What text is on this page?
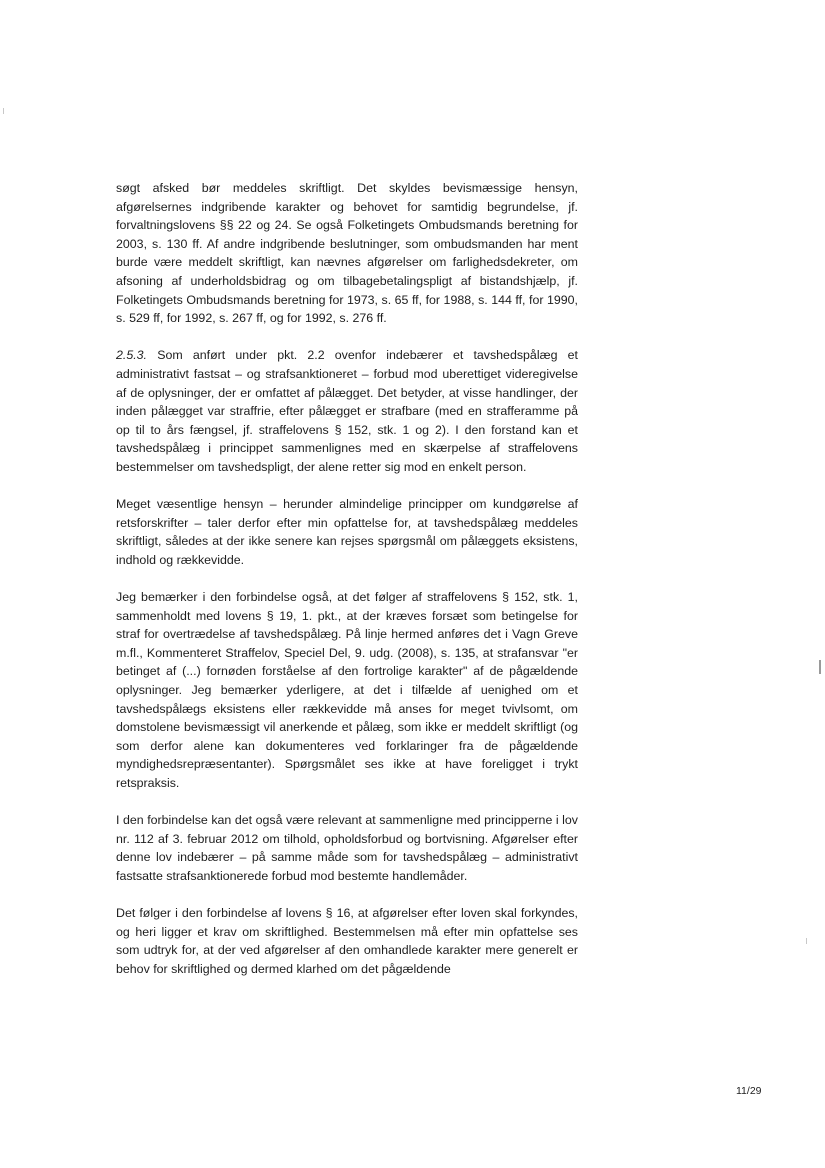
søgt afsked bør meddeles skriftligt. Det skyldes bevismæssige hensyn, afgørelsernes indgribende karakter og behovet for samtidig begrundelse, jf. forvaltningslovens §§ 22 og 24. Se også Folketingets Ombudsmands beretning for 2003, s. 130 ff. Af andre indgribende beslutninger, som ombudsmanden har ment burde være meddelt skriftligt, kan nævnes afgørelser om farlighedsdekreter, om afsoning af underholdsbidrag og om tilbagebetalingspligt af bistandshjælp, jf. Folketingets Ombudsmands beretning for 1973, s. 65 ff, for 1988, s. 144 ff, for 1990, s. 529 ff, for 1992, s. 267 ff, og for 1992, s. 276 ff.

2.5.3. Som anført under pkt. 2.2 ovenfor indebærer et tavshedspålæg et administrativt fastsat – og strafsanktioneret – forbud mod uberettiget videregivelse af de oplysninger, der er omfattet af pålægget. Det betyder, at visse handlinger, der inden pålægget var straffrie, efter pålægget er strafbare (med en strafferamme på op til to års fængsel, jf. straffelovens § 152, stk. 1 og 2). I den forstand kan et tavshedspålæg i princippet sammenlignes med en skærpelse af straffelovens bestemmelser om tavshedspligt, der alene retter sig mod en enkelt person.

Meget væsentlige hensyn – herunder almindelige principper om kundgørelse af retsforskrifter – taler derfor efter min opfattelse for, at tavshedspålæg meddeles skriftligt, således at der ikke senere kan rejses spørgsmål om pålæggets eksistens, indhold og rækkevidde.

Jeg bemærker i den forbindelse også, at det følger af straffelovens § 152, stk. 1, sammenholdt med lovens § 19, 1. pkt., at der kræves forsæt som betingelse for straf for overtrædelse af tavshedspålæg. På linje hermed anføres det i Vagn Greve m.fl., Kommenteret Straffelov, Speciel Del, 9. udg. (2008), s. 135, at strafansvar "er betinget af (...) fornøden forståelse af den fortrolige karakter" af de pågældende oplysninger. Jeg bemærker yderligere, at det i tilfælde af uenighed om et tavshedspålægs eksistens eller rækkevidde må anses for meget tvivlsomt, om domstolene bevismæssigt vil anerkende et pålæg, som ikke er meddelt skriftligt (og som derfor alene kan dokumenteres ved forklaringer fra de pågældende myndighedsrepræsentanter). Spørgsmålet ses ikke at have foreligget i trykt retspraksis.

I den forbindelse kan det også være relevant at sammenligne med principperne i lov nr. 112 af 3. februar 2012 om tilhold, opholdsforbud og bortvisning. Afgørelser efter denne lov indebærer – på samme måde som for tavshedspålæg – administrativt fastsatte strafsanktionerede forbud mod bestemte handlemåder.

Det følger i den forbindelse af lovens § 16, at afgørelser efter loven skal forkyndes, og heri ligger et krav om skriftlighed. Bestemmelsen må efter min opfattelse ses som udtryk for, at der ved afgørelser af den omhandlede karakter mere generelt er behov for skriftlighed og dermed klarhed om det pågældende

11/29
